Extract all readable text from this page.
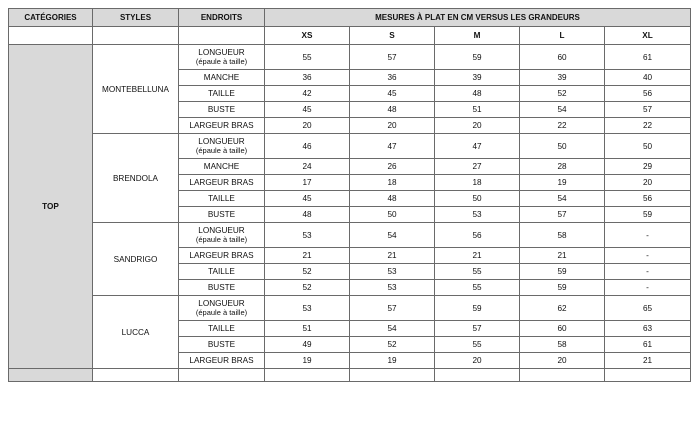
CATÉGORIES	STYLES	ENDROITS	MESURES À PLAT EN CM VERSUS LES GRANDEURS				
			XS	S	M	L	XL
TOP	MONTEBELLUNA	LONGUEUR
(épaule à taille)	55	57	59	60	61

		MANCHE	36	36	39	39	40

		TAILLE	42	45	48	52	56

		BUSTE	45	48	51	54	57

		LARGEUR BRAS	20	20	20	22	22
	BRENDOLA	LONGUEUR
(épaule à taille)	46	47	47	50	50

		MANCHE	24	26	27	28	29

		LARGEUR BRAS	17	18	18	19	20

		TAILLE	45	48	50	54	56

		BUSTE	48	50	53	57	59
	SANDRIGO	LONGUEUR
(épaule à taille)	53	54	56	58	-

		LARGEUR BRAS	21	21	21	21	-

		TAILLE	52	53	55	59	-

		BUSTE	52	53	55	59	-
	LUCCA	LONGUEUR
(épaule à taille)	53	57	59	62	65

		TAILLE	51	54	57	60	63

		BUSTE	49	52	55	58	61

		LARGEUR BRAS	19	19	20	20	21
